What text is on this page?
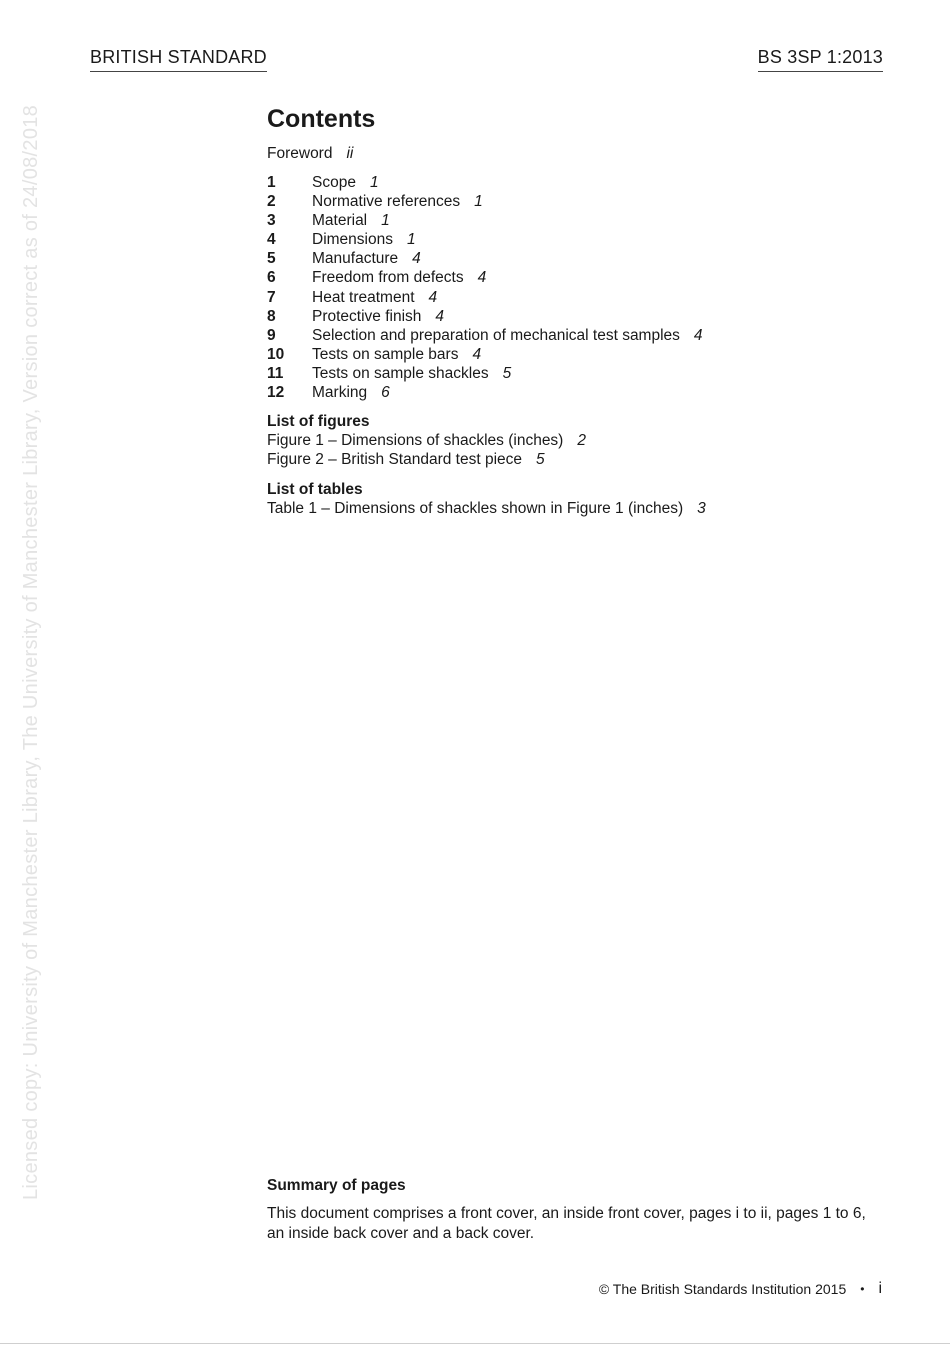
BRITISH STANDARD	BS 3SP 1:2013
Licensed copy: University of Manchester Library, The University of Manchester Library, Version correct as of 24/08/2018	Contents
Foreword ii
1	Scope 1
2	Normative references 1
3	Material 1
4	Dimensions 1
5	Manufacture 4
6	Freedom from defects 4
7	Heat treatment 4
8	Protective finish 4
9	Selection and preparation of mechanical test samples 4
10	Tests on sample bars 4
11	Tests on sample shackles 5
12	Marking 6
List of figures
Figure 1 – Dimensions of shackles (inches) 2
Figure 2 – British Standard test piece 5
List of tables
Table 1 – Dimensions of shackles shown in Figure 1 (inches) 3
Summary of pages
This document comprises a front cover, an inside front cover, pages i to ii, pages 1 to 6, an inside back cover and a back cover.
© The British Standards Institution 2015 • i
